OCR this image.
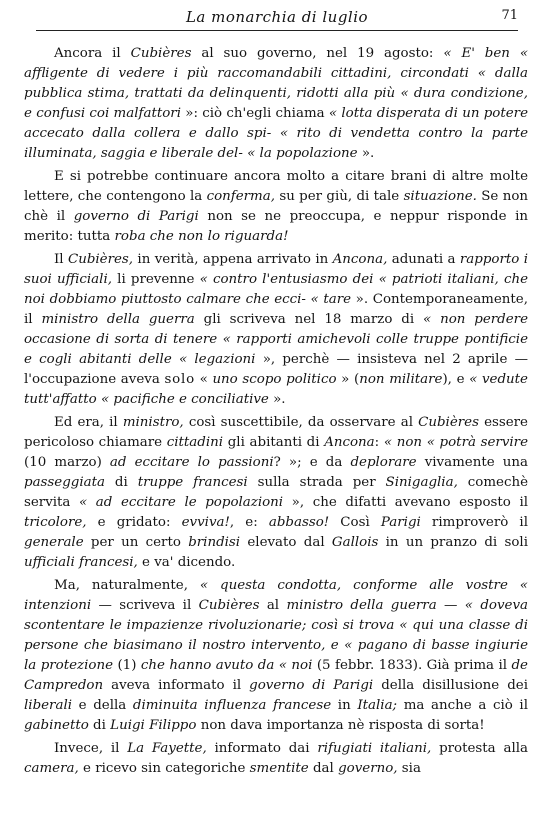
La monarchia di luglio	71

Ancora il Cubières al suo governo, nel 19 agosto: « E' ben « affligente di vedere i più raccomandabili cittadini, circondati « dalla pubblica stima, trattati da delinquenti, ridotti alla più « dura condizione, e confusi coi malfattori »: ciò ch'egli chiama « lotta disperata di un potere accecato dalla collera e dallo spi- « rito di vendetta contro la parte illuminata, saggia e liberale del- « la popolazione ».

E si potrebbe continuare ancora molto a citare brani di altre molte lettere, che contengono la conferma, su per giù, di tale situazione. Se non chè il governo di Parigi non se ne preoccupa, e neppur risponde in merito: tutta roba che non lo riguarda!

Il Cubières, in verità, appena arrivato in Ancona, adunati a rapporto i suoi ufficiali, li prevenne « contro l'entusiasmo dei « patrioti italiani, che noi dobbiamo piuttosto calmare che ecci- « tare ». Contemporaneamente, il ministro della guerra gli scriveva nel 18 marzo di « non perdere occasione di sorta di tenere « rapporti amichevoli colle truppe pontificie e cogli abitanti delle « legazioni », perchè — insisteva nel 2 aprile — l'occupazione aveva solo « uno scopo politico » (non militare), e « vedute tutt'affatto « pacifiche e conciliative ».

Ed era, il ministro, così suscettibile, da osservare al Cubières essere pericoloso chiamare cittadini gli abitanti di Ancona: « non « potrà servire (10 marzo) ad eccitare lo passioni? »; e da deplorare vivamente una passeggiata di truppe francesi sulla strada per Sinigaglia, comechè servita « ad eccitare le popolazioni », che difatti avevano esposto il tricolore, e gridato: evviva!, e: abbasso! Così Parigi rimproverò il generale per un certo brindisi elevato dal Gallois in un pranzo di soli ufficiali francesi, e va' dicendo.

Ma, naturalmente, « questa condotta, conforme alle vostre « intenzioni — scriveva il Cubières al ministro della guerra — « doveva scontentare le impazienze rivoluzionarie; così si trova « qui una classe di persone che biasimano il nostro intervento, e « pagano di basse ingiurie la protezione (1) che hanno avuto da « noi (5 febbr. 1833). Già prima il de Campredon aveva informato il governo di Parigi della disillusione dei liberali e della diminuita influenza francese in Italia; ma anche a ciò il gabinetto di Luigi Filippo non dava importanza nè risposta di sorta!

Invece, il La Fayette, informato dai rifugiati italiani, protesta alla camera, e ricevo sin categoriche smentite dal governo, sia
